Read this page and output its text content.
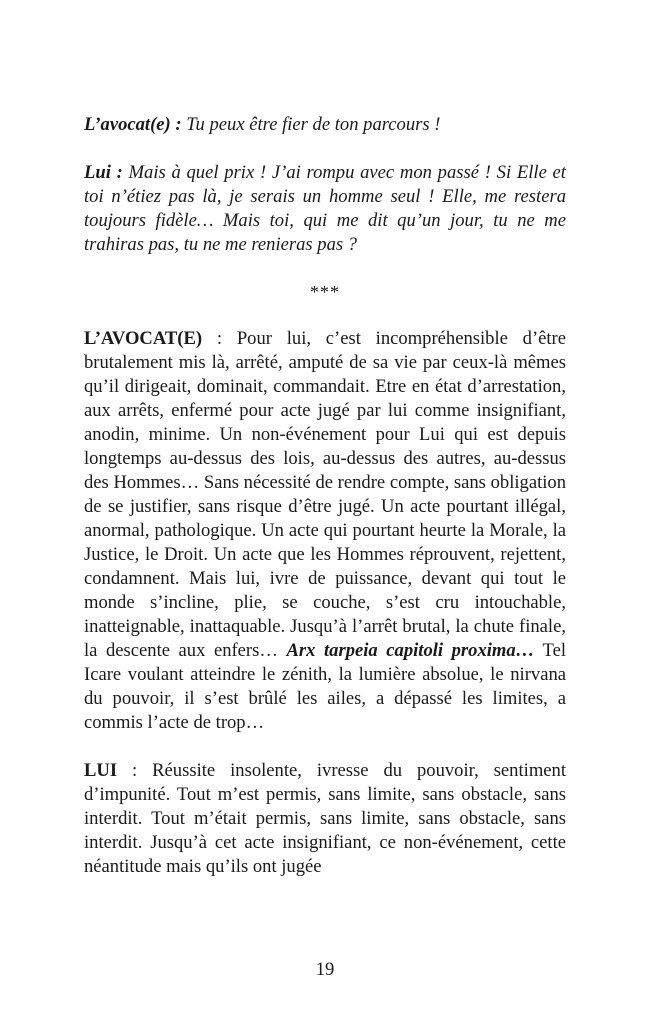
L’avocat(e) : Tu peux être fier de ton parcours !

Lui : Mais à quel prix ! J’ai rompu avec mon passé ! Si Elle et toi n’étiez pas là, je serais un homme seul ! Elle, me restera toujours fidèle… Mais toi, qui me dit qu’un jour, tu ne me trahiras pas, tu ne me renieras pas ?

***

L’AVOCAT(E) : Pour lui, c’est incompréhensible d’être brutalement mis là, arrêté, amputé de sa vie par ceux-là mêmes qu’il dirigeait, dominait, commandait. Etre en état d’arrestation, aux arrêts, enfermé pour acte jugé par lui comme insignifiant, anodin, minime. Un non-événement pour Lui qui est depuis longtemps au-dessus des lois, au-dessus des autres, au-dessus des Hommes… Sans nécessité de rendre compte, sans obligation de se justifier, sans risque d’être jugé. Un acte pourtant illégal, anormal, pathologique. Un acte qui pourtant heurte la Morale, la Justice, le Droit. Un acte que les Hommes réprouvent, rejettent, condamnent. Mais lui, ivre de puissance, devant qui tout le monde s’incline, plie, se couche, s’est cru intouchable, inatteignable, inattaquable. Jusqu’à l’arrêt brutal, la chute finale, la descente aux enfers… Arx tarpeia capitoli proxima… Tel Icare voulant atteindre le zénith, la lumière absolue, le nirvana du pouvoir, il s’est brûlé les ailes, a dépassé les limites, a commis l’acte de trop…

LUI : Réussite insolente, ivresse du pouvoir, sentiment d’impunité. Tout m’est permis, sans limite, sans obstacle, sans interdit. Tout m’était permis, sans limite, sans obstacle, sans interdit. Jusqu’à cet acte insignifiant, ce non-événement, cette néantitude mais qu’ils ont jugée

19
